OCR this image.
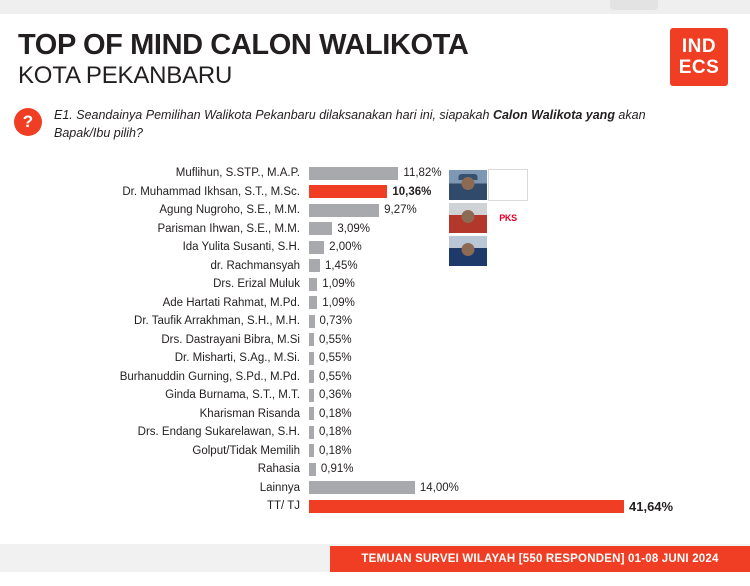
TOP OF MIND CALON WALIKOTA
KOTA PEKANBARU
IND
ECS
?	E1. Seandainya Pemilihan Walikota Pekanbaru dilaksanakan hari ini, siapakah Calon Walikota yang akan Bapak/Ibu pilih?
Muflihun, S.STP., M.A.P.	11,82%
Dr. Muhammad Ikhsan, S.T., M.Sc.	10,36%
Agung Nugroho, S.E., M.M.	9,27%
Parisman Ihwan, S.E., M.M.	3,09%
Ida Yulita Susanti, S.H.	2,00%
dr. Rachmansyah	1,45%
Drs. Erizal Muluk	1,09%
Ade Hartati Rahmat, M.Pd.	1,09%
Dr. Taufik Arrakhman, S.H., M.H.	0,73%
Drs. Dastrayani Bibra, M.Si	0,55%
Dr. Misharti, S.Ag., M.Si.	0,55%
Burhanuddin Gurning, S.Pd., M.Pd.	0,55%
Ginda Burnama, S.T., M.T.	0,36%
Kharisman Risanda	0,18%
Drs. Endang Sukarelawan, S.H.	0,18%
Golput/Tidak Memilih	0,18%
Rahasia	0,91%
Lainnya	14,00%
TT/ TJ	41,64%
PKS
TEMUAN SURVEI WILAYAH [550 RESPONDEN] 01-08 JUNI 2024
